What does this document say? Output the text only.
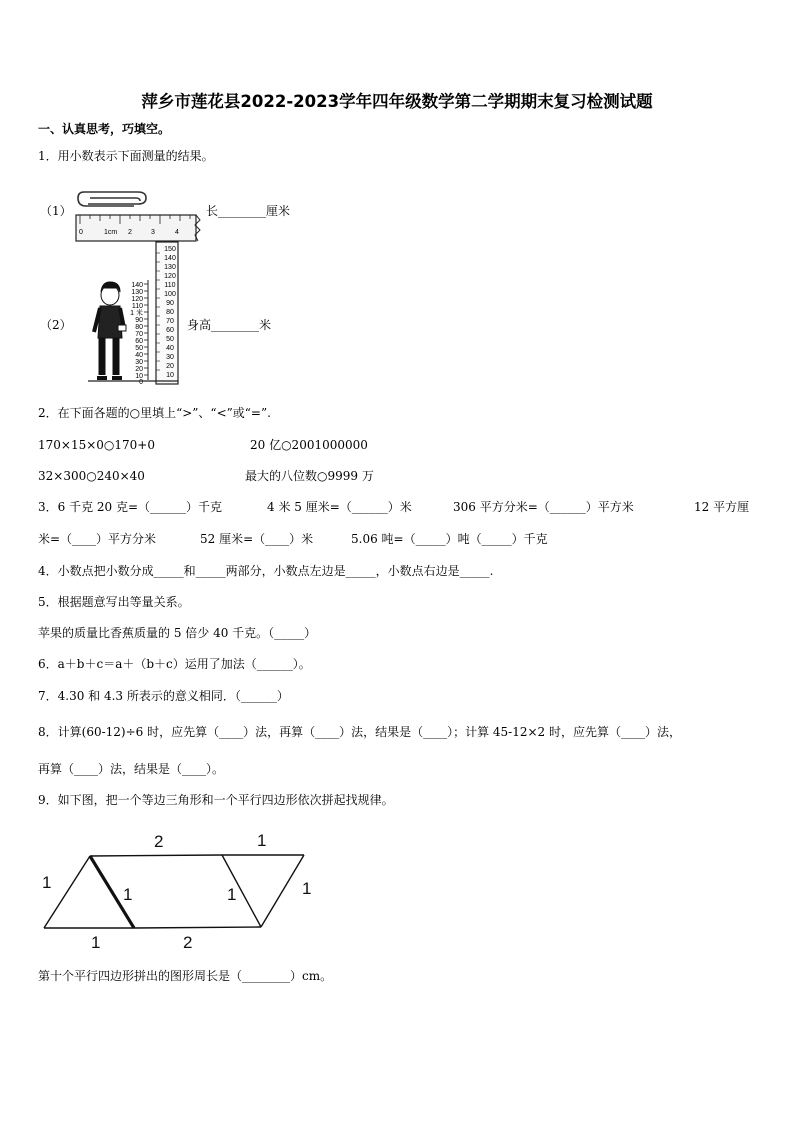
萍乡市莲花县2022-2023学年四年级数学第二学期期末复习检测试题
一、认真思考，巧填空。
1．用小数表示下面测量的结果。
（1）
0	1cm 2	3	4
长________厘米
（2）
140
130
120
110
1 米
90
80
70
60
50
40
30
20
10
0
150
140
130
120
110
100
90
80
70
60
50
40
30
20
10
身高________米
2．在下面各题的○里填上“>”、“<”或“=”.
170×15×0○170+0	20 亿○2001000000
32×300○240×40	最大的八位数○9999 万
3．6 千克 20 克=（______）千克	4 米 5 厘米=（______）米	306 平方分米=（______）平方米	12 平方厘
米=（____）平方分米	52 厘米=（____）米	5.06 吨=（_____）吨（_____）千克
4．小数点把小数分成_____和_____两部分，小数点左边是_____，小数点右边是_____.
5．根据题意写出等量关系。
苹果的质量比香蕉质量的 5 倍少 40 千克。（_____）
6．a＋b＋c＝a＋（b＋c）运用了加法（______）。
7．4.30 和 4.3 所表示的意义相同．（______）
8．计算(60-12)÷6 时，应先算（____）法，再算（____）法，结果是（____）；计算 45-12×2 时，应先算（____）法，
再算（____）法，结果是（____）。
9．如下图，把一个等边三角形和一个平行四边形依次拼起找规律。
1
2	1
1	1	1
1	2
第十个平行四边形拼出的图形周长是（________）cm。
